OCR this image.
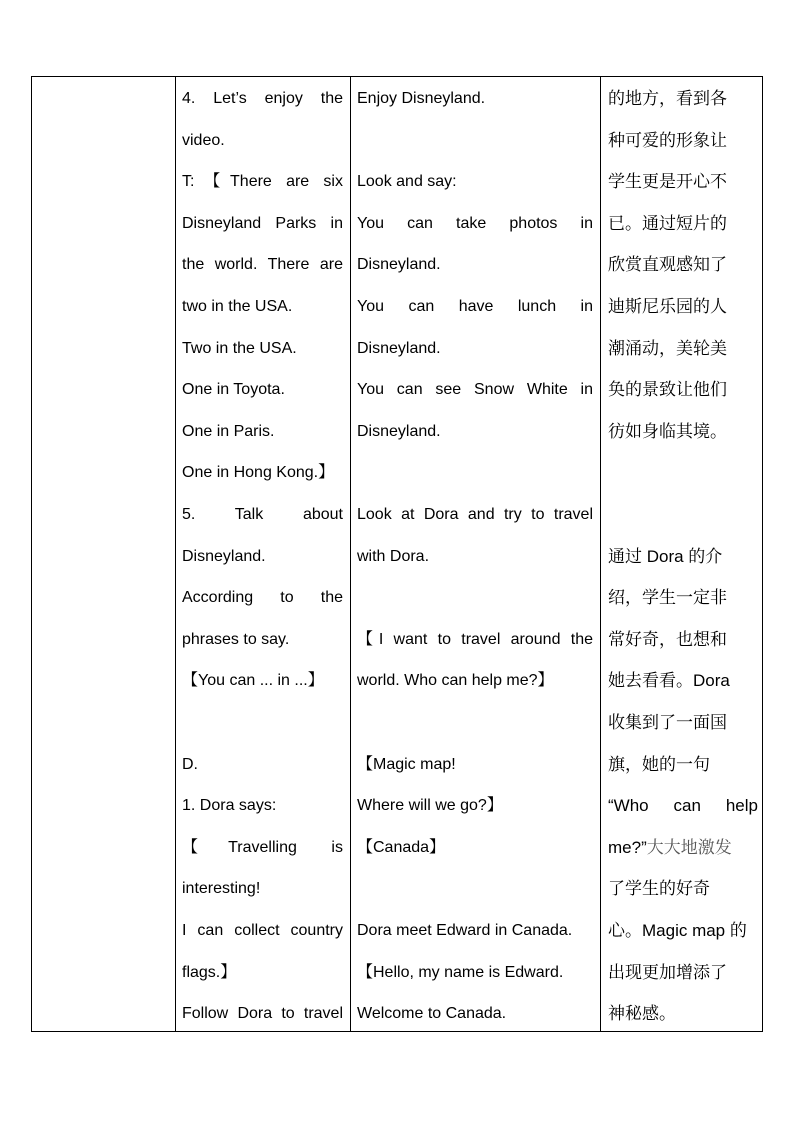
4. Let’s enjoy the
video.
T:【There are six
Disneyland Parks in
the world. There are
two in the USA.
Two in the USA.
One in Toyota.
One in Paris.
One in Hong Kong.】
5. Talk about
Disneyland.
According to the
phrases to say.
【You can ... in ...】
D.
1. Dora says:
【Travelling is
interesting!
I can collect country
flags.】
Follow Dora to travel
Enjoy Disneyland.
Look and say:
You can take photos in
Disneyland.
You can have lunch in
Disneyland.
You can see Snow White in
Disneyland.
Look at Dora and try to travel
with Dora.
【I want to travel around the
world. Who can help me?】
【Magic map!
Where will we go?】
【Canada】
Dora meet Edward in Canada.
【Hello, my name is Edward.
Welcome to Canada.
的地方，看到各
种可爱的形象让
学生更是开心不
已。通过短片的
欣赏直观感知了
迪斯尼乐园的人
潮涌动，美轮美
奂的景致让他们
彷如身临其境。
通过 Dora 的介
绍，学生一定非
常好奇，也想和
她去看看。Dora
收集到了一面国
旗，她的一句
“Who can help
me?”大大地激发
了学生的好奇
心。Magic map 的
出现更加增添了
神秘感。
